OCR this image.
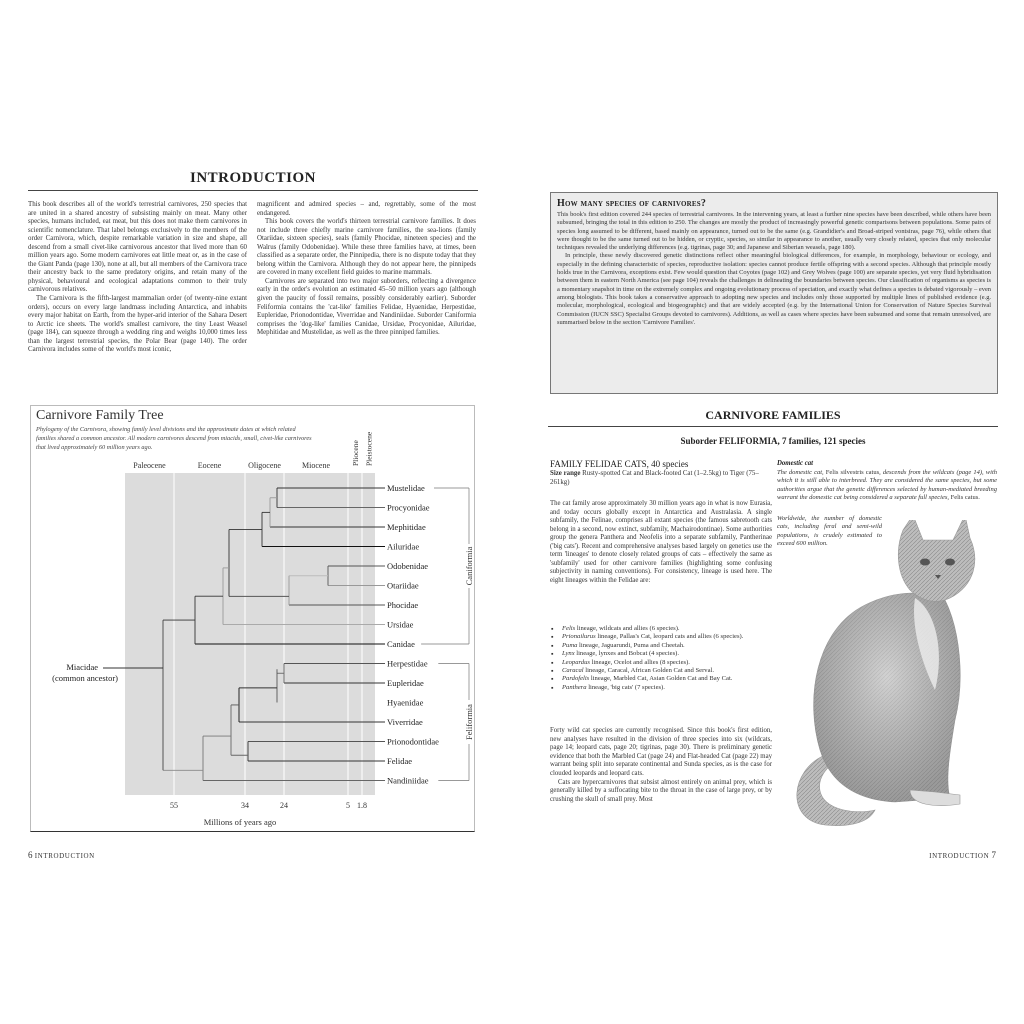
INTRODUCTION

This book describes all of the world's terrestrial carnivores, 250 species that are united in a shared ancestry of subsisting mainly on meat. Many other species, humans included, eat meat, but this does not make them carnivores in scientific nomenclature. That label belongs exclusively to the members of the order Carnivora, which, despite remarkable variation in size and shape, all descend from a small civet-like carnivorous ancestor that lived more than 60 million years ago. Some modern carnivores eat little meat or, as in the case of the Giant Panda (page 130), none at all, but all members of the Carnivora trace their ancestry back to the same predatory origins, and retain many of the physical, behavioural and ecological adaptations common to their truly carnivorous relatives.

The Carnivora is the fifth-largest mammalian order (of twenty-nine extant orders), occurs on every large landmass including Antarctica, and inhabits every major habitat on Earth, from the hyper-arid interior of the Sahara Desert to Arctic ice sheets. The world's smallest carnivore, the tiny Least Weasel (page 184), can squeeze through a wedding ring and weighs 10,000 times less than the largest terrestrial species, the Polar Bear (page 140). The order Carnivora includes some of the world's most iconic,

magnificent and admired species – and, regrettably, some of the most endangered.

This book covers the world's thirteen terrestrial carnivore families. It does not include three chiefly marine carnivore families, the sea-lions (family Otariidae, sixteen species), seals (family Phocidae, nineteen species) and the Walrus (family Odobenidae). While these three families have, at times, been classified as a separate order, the Pinnipedia, there is no dispute today that they belong within the Carnivora. Although they do not appear here, the pinnipeds are covered in many excellent field guides to marine mammals.

Carnivores are separated into two major suborders, reflecting a divergence early in the order's evolution an estimated 45–50 million years ago (although given the paucity of fossil remains, possibly considerably earlier). Suborder Feliformia contains the 'cat-like' families Felidae, Hyaenidae, Herpestidae, Eupleridae, Prionodontidae, Viverridae and Nandiniidae. Suborder Caniformia comprises the 'dog-like' families Canidae, Ursidae, Procyonidae, Ailuridae, Mephitidae and Mustelidae, as well as the three pinniped families.

Carnivore Family Tree
Phylogeny of the Carnivora, showing family level divisions and the approximate dates at which related families shared a common ancestor. All modern carnivores descend from miacids, small, civet-like carnivores that lived approximately 60 million years ago.
Paleocene	Eocene	Oligocene	Miocene	Pliocene Pleistocene
55	34	24	5 1.8
Millions of years ago
Mustelidae
Procyonidae
Mephitidae
Ailuridae
Odobenidae
Otariidae
Phocidae
Ursidae
Canidae
Herpestidae
Eupleridae
Hyaenidae
Viverridae
Prionodontidae
Felidae
Nandiniidae
Miacidae
(common ancestor)
Caniformia
Feliformia
How many species of carnivores?

This book's first edition covered 244 species of terrestrial carnivores. In the intervening years, at least a further nine species have been described, while others have been subsumed, bringing the total in this edition to 250. The changes are mostly the product of increasingly powerful genetic comparisons between populations. Some pairs of species long assumed to be different, based mainly on appearance, turned out to be the same (e.g. Grandidier's and Broad-striped vontsiras, page 76), while others that were thought to be the same turned out to be hidden, or cryptic, species, so similar in appearance to another, usually very closely related, species that only molecular techniques revealed the underlying differences (e.g. tigrinas, page 30; and Japanese and Siberian weasels, page 180).

In principle, these newly discovered genetic distinctions reflect other meaningful biological differences, for example, in morphology, behaviour or ecology, and especially in the defining characteristic of species, reproductive isolation: species cannot produce fertile offspring with a second species. Although that principle mostly holds true in the Carnivora, exceptions exist. Few would question that Coyotes (page 102) and Grey Wolves (page 100) are separate species, yet very fluid hybridisation between them in eastern North America (see page 104) reveals the challenges in delineating the boundaries between species. Our classification of organisms as species is a momentary snapshot in time on the extremely complex and ongoing evolutionary process of speciation, and exactly what defines a species is debated vigorously – even among biologists. This book takes a conservative approach to adopting new species and includes only those supported by multiple lines of published evidence (e.g. molecular, morphological, ecological and biogeographic) and that are widely accepted (e.g. by the International Union for Conservation of Nature Species Survival Commission (IUCN SSC) Specialist Groups devoted to carnivores). Additions, as well as cases where species have been subsumed and some that remain unresolved, are summarised below in the section 'Carnivore Families'.

CARNIVORE FAMILIES
Suborder FELIFORMIA, 7 families, 121 species
FAMILY FELIDAE CATS, 40 species
Size range Rusty-spotted Cat and Black-footed Cat (1–2.5kg) to Tiger (75–261kg)

The cat family arose approximately 30 million years ago in what is now Eurasia, and today occurs globally except in Antarctica and Australasia. A single subfamily, the Felinae, comprises all extant species (the famous sabretooth cats belong in a second, now extinct, subfamily, Machairodontinae). Some authorities group the genera Panthera and Neofelis into a separate subfamily, Pantherinae ('big cats'). Recent and comprehensive analyses based largely on genetics use the term 'lineages' to denote closely related groups of cats – effectively the same as 'subfamily' used for other carnivore families (highlighting some confusing subjectivity in naming conventions). For consistency, lineage is used here. The eight lineages within the Felidae are:

▪ Felis lineage, wildcats and allies (6 species).
▪ Prionailurus lineage, Pallas's Cat, leopard cats and allies (6 species).
▪ Puma lineage, Jaguarundi, Puma and Cheetah.
▪ Lynx lineage, lynxes and Bobcat (4 species).
▪ Leopardus lineage, Ocelot and allies (8 species).
▪ Caracal lineage, Caracal, African Golden Cat and Serval.
▪ Pardofelis lineage, Marbled Cat, Asian Golden Cat and Bay Cat.
▪ Panthera lineage, 'big cats' (7 species).

Forty wild cat species are currently recognised. Since this book's first edition, new analyses have resulted in the division of three species into six (wildcats, page 14; leopard cats, page 20; tigrinas, page 30). There is preliminary genetic evidence that both the Marbled Cat (page 24) and Flat-headed Cat (page 22) may warrant being split into separate continental and Sunda species, as is the case for clouded leopards and leopard cats.

Cats are hypercarnivores that subsist almost entirely on animal prey, which is generally killed by a suffocating bite to the throat in the case of large prey, or by crushing the skull of small prey. Most

Domestic cat
The domestic cat, Felis silvestris catus, descends from the wildcats (page 14), with which it is still able to interbreed. They are considered the same species, but some authorities argue that the genetic differences selected by human-mediated breeding warrant the domestic cat being considered a separate full species, Felis catus.
Worldwide, the number of domestic cats, including feral and semi-wild populations, is crudely estimated to exceed 600 million.
6 INTRODUCTION	INTRODUCTION 7
